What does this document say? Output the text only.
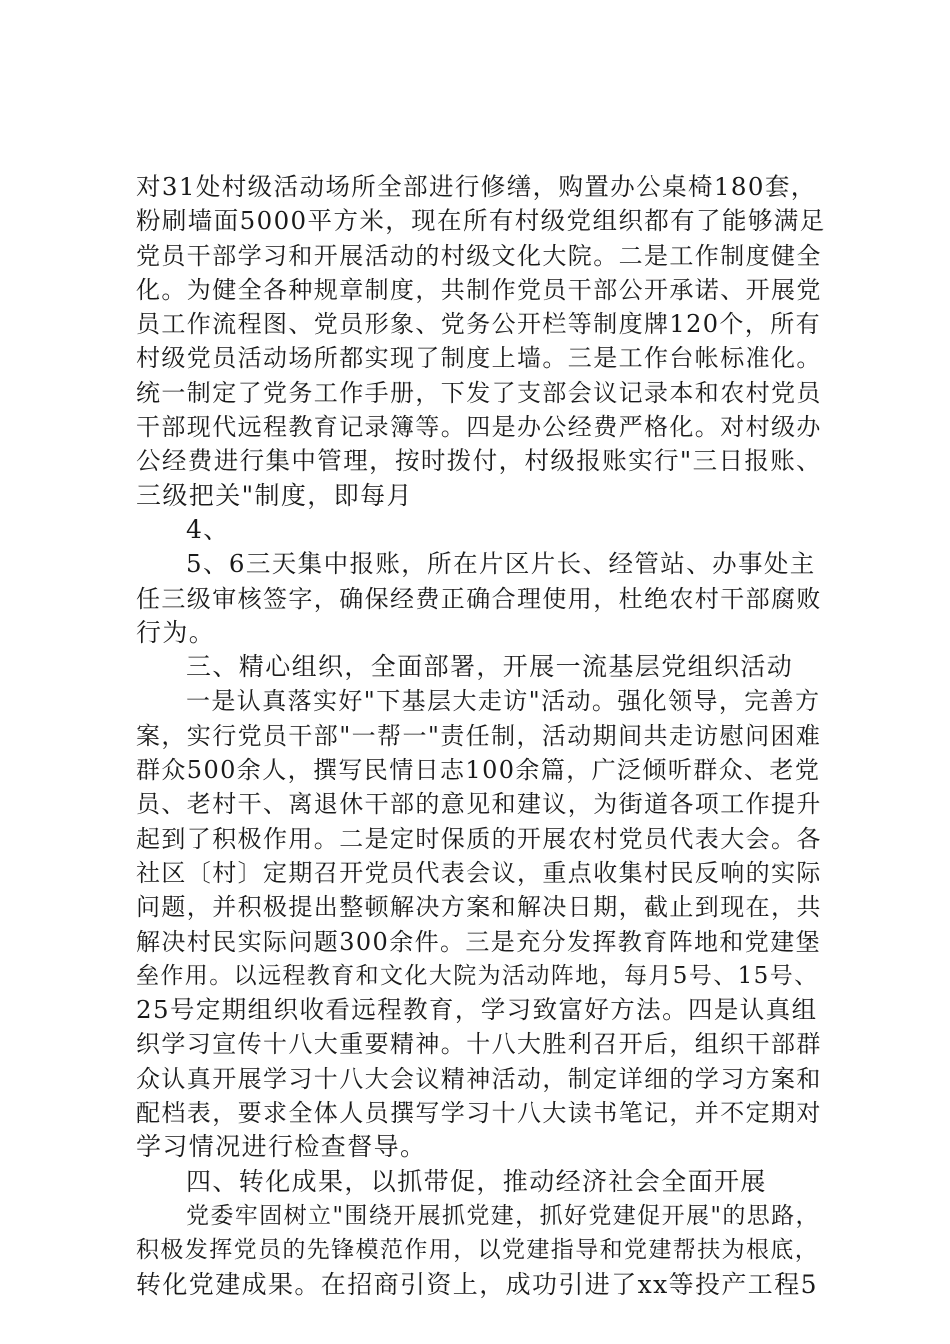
对31处村级活动场所全部进行修缮，购置办公桌椅180套，
粉刷墙面5000平方米，现在所有村级党组织都有了能够满足
党员干部学习和开展活动的村级文化大院。二是工作制度健全
化。为健全各种规章制度，共制作党员干部公开承诺、开展党
员工作流程图、党员形象、党务公开栏等制度牌120个，所有
村级党员活动场所都实现了制度上墙。三是工作台帐标准化。
统一制定了党务工作手册，下发了支部会议记录本和农村党员
干部现代远程教育记录簿等。四是办公经费严格化。对村级办
公经费进行集中管理，按时拨付，村级报账实行"三日报账、
三级把关"制度，即每月
4、
5、6三天集中报账，所在片区片长、经管站、办事处主
任三级审核签字，确保经费正确合理使用，杜绝农村干部腐败
行为。
三、精心组织，全面部署，开展一流基层党组织活动
一是认真落实好"下基层大走访"活动。强化领导，完善方
案，实行党员干部"一帮一"责任制，活动期间共走访慰问困难
群众500余人，撰写民情日志100余篇，广泛倾听群众、老党
员、老村干、离退休干部的意见和建议，为街道各项工作提升
起到了积极作用。二是定时保质的开展农村党员代表大会。各
社区〔村〕定期召开党员代表会议，重点收集村民反响的实际
问题，并积极提出整顿解决方案和解决日期，截止到现在，共
解决村民实际问题300余件。三是充分发挥教育阵地和党建堡
垒作用。以远程教育和文化大院为活动阵地，每月5号、15号、
25号定期组织收看远程教育，学习致富好方法。四是认真组
织学习宣传十八大重要精神。十八大胜利召开后，组织干部群
众认真开展学习十八大会议精神活动，制定详细的学习方案和
配档表，要求全体人员撰写学习十八大读书笔记，并不定期对
学习情况进行检查督导。
四、转化成果，以抓带促，推动经济社会全面开展
党委牢固树立"围绕开展抓党建，抓好党建促开展"的思路，
积极发挥党员的先锋模范作用，以党建指导和党建帮扶为根底，
转化党建成果。在招商引资上，成功引进了xx等投产工程5
